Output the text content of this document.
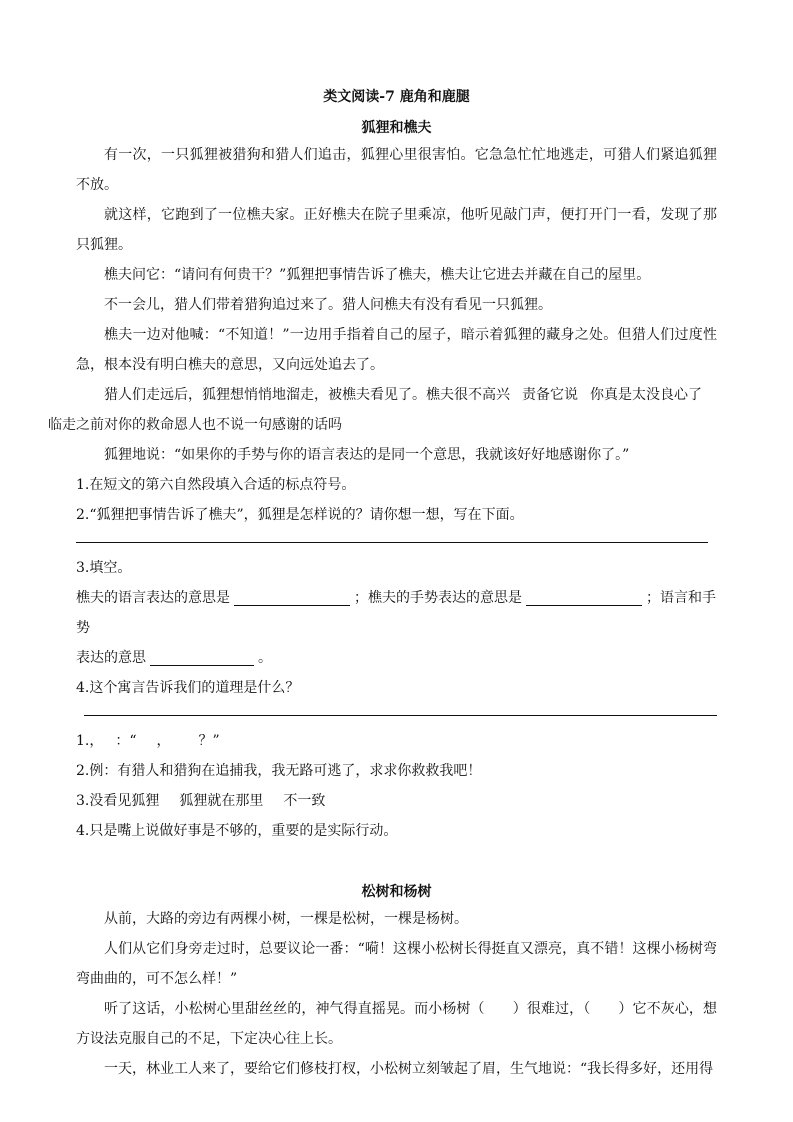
类文阅读-7 鹿角和鹿腿

狐狸和樵夫

有一次，一只狐狸被猎狗和猎人们追击，狐狸心里很害怕。它急急忙忙地逃走，可猎人们紧追狐狸不放。

就这样，它跑到了一位樵夫家。正好樵夫在院子里乘凉，他听见敲门声，便打开门一看，发现了那只狐狸。

樵夫问它：“请问有何贵干？”狐狸把事情告诉了樵夫，樵夫让它进去并藏在自己的屋里。

不一会儿，猎人们带着猎狗追过来了。猎人问樵夫有没有看见一只狐狸。

樵夫一边对他喊：“不知道！”一边用手指着自己的屋子，暗示着狐狸的藏身之处。但猎人们过度性急，根本没有明白樵夫的意思，又向远处追去了。

猎人们走远后，狐狸想悄悄地溜走，被樵夫看见了。樵夫很不高兴 责备它说 你真是太没良心了
临走之前对你的救命恩人也不说一句感谢的话吗

狐狸地说：“如果你的手势与你的语言表达的是同一个意思，我就该好好地感谢你了。”

1.在短文的第六自然段填入合适的标点符号。

2.“狐狸把事情告诉了樵夫”，狐狸是怎样说的？请你想一想，写在下面。

3.填空。

樵夫的语言表达的意思是	；樵夫的手势表达的意思是	；语言和手势
表达的意思	。

4.这个寓言告诉我们的道理是什么？

1.， ：“ ， ？”

2.例：有猎人和猎狗在追捕我，我无路可逃了，求求你救救我吧！

3.没看见狐狸 狐狸就在那里 不一致

4.只是嘴上说做好事是不够的，重要的是实际行动。

松树和杨树

从前，大路的旁边有两棵小树，一棵是松树，一棵是杨树。

人们从它们身旁走过时，总要议论一番：“嗬！这棵小松树长得挺直又漂亮，真不错！这棵小杨树弯弯曲曲的，可不怎么样！”

听了这话，小松树心里甜丝丝的，神气得直摇晃。而小杨树（ ）很难过，（ ）它不灰心，想方设法克服自己的不足，下定决心往上长。

一天，林业工人来了，要给它们修枝打杈，小松树立刻皱起了眉，生气地说：“我长得多好，还用得
